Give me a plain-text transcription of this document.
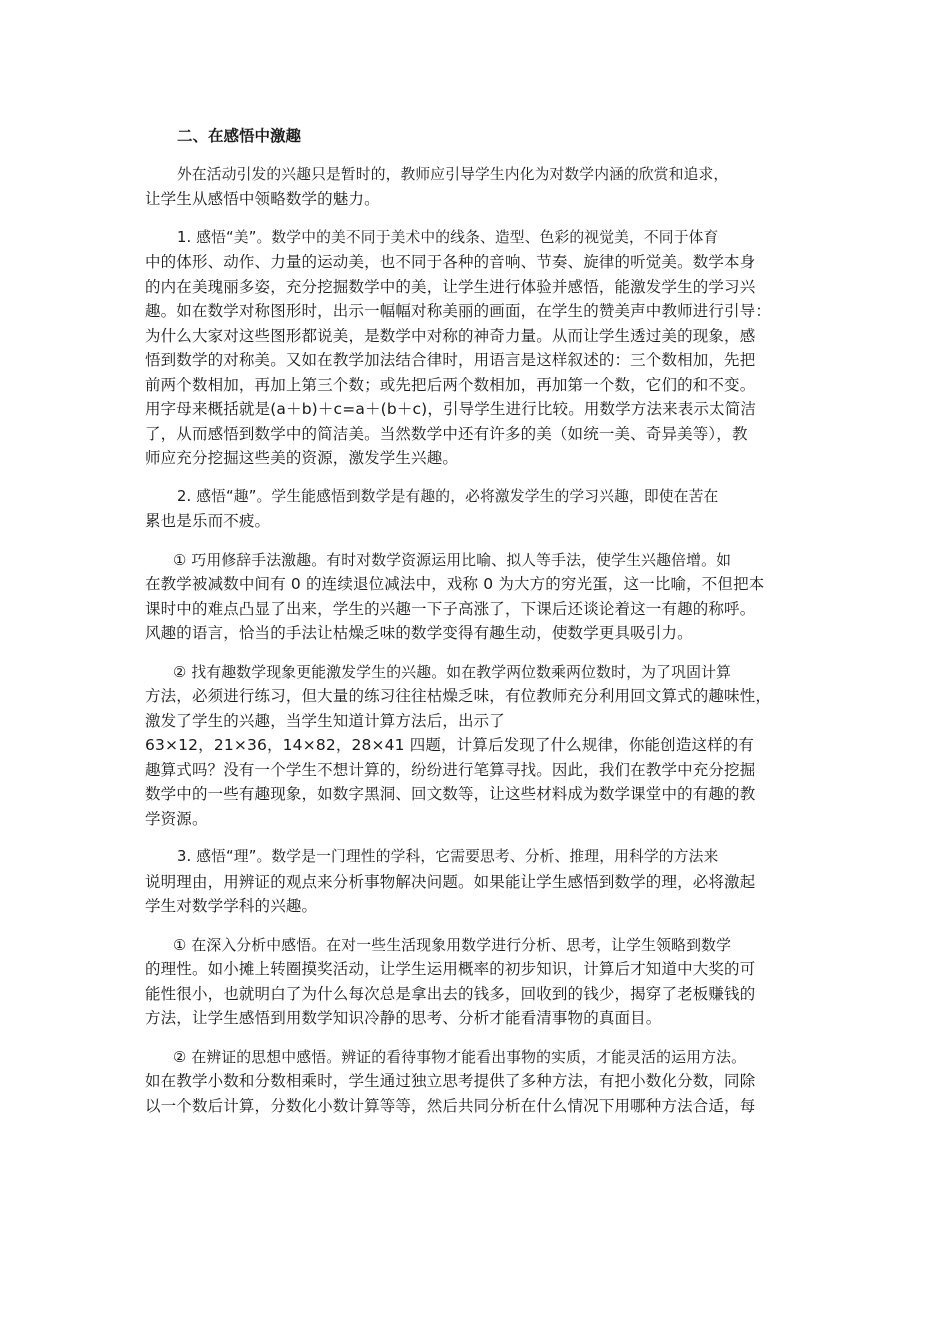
二、在感悟中激趣
外在活动引发的兴趣只是暂时的，教师应引导学生内化为对数学内涵的欣赏和追求，
让学生从感悟中领略数学的魅力。
1. 感悟“美”。数学中的美不同于美术中的线条、造型、色彩的视觉美，不同于体育
中的体形、动作、力量的运动美，也不同于各种的音响、节奏、旋律的听觉美。数学本身
的内在美瑰丽多姿，充分挖掘数学中的美，让学生进行体验并感悟，能激发学生的学习兴
趣。如在数学对称图形时，出示一幅幅对称美丽的画面，在学生的赞美声中教师进行引导：
为什么大家对这些图形都说美，是数学中对称的神奇力量。从而让学生透过美的现象，感
悟到数学的对称美。又如在教学加法结合律时，用语言是这样叙述的：三个数相加，先把
前两个数相加，再加上第三个数；或先把后两个数相加，再加第一个数，它们的和不变。
用字母来概括就是(a＋b)＋c=a＋(b＋c)，引导学生进行比较。用数学方法来表示太简洁
了，从而感悟到数学中的简洁美。当然数学中还有许多的美（如统一美、奇异美等），教
师应充分挖掘这些美的资源，激发学生兴趣。
2. 感悟“趣”。学生能感悟到数学是有趣的，必将激发学生的学习兴趣，即使在苦在
累也是乐而不疲。
① 巧用修辞手法激趣。有时对数学资源运用比喻、拟人等手法，使学生兴趣倍增。如
在教学被减数中间有 0 的连续退位减法中，戏称 0 为大方的穷光蛋，这一比喻，不但把本
课时中的难点凸显了出来，学生的兴趣一下子高涨了，下课后还谈论着这一有趣的称呼。
风趣的语言，恰当的手法让枯燥乏味的数学变得有趣生动，使数学更具吸引力。
② 找有趣数学现象更能激发学生的兴趣。如在教学两位数乘两位数时，为了巩固计算
方法，必须进行练习，但大量的练习往往枯燥乏味，有位教师充分利用回文算式的趣味性，
激发了学生的兴趣，当学生知道计算方法后，出示了
63×12，21×36，14×82，28×41 四题，计算后发现了什么规律，你能创造这样的有
趣算式吗？没有一个学生不想计算的，纷纷进行笔算寻找。因此，我们在教学中充分挖掘
数学中的一些有趣现象，如数字黑洞、回文数等，让这些材料成为数学课堂中的有趣的教
学资源。
3. 感悟“理”。数学是一门理性的学科，它需要思考、分析、推理，用科学的方法来
说明理由，用辨证的观点来分析事物解决问题。如果能让学生感悟到数学的理，必将激起
学生对数学学科的兴趣。
① 在深入分析中感悟。在对一些生活现象用数学进行分析、思考，让学生领略到数学
的理性。如小摊上转圈摸奖活动，让学生运用概率的初步知识，计算后才知道中大奖的可
能性很小，也就明白了为什么每次总是拿出去的钱多，回收到的钱少，揭穿了老板赚钱的
方法，让学生感悟到用数学知识冷静的思考、分析才能看清事物的真面目。
② 在辨证的思想中感悟。辨证的看待事物才能看出事物的实质，才能灵活的运用方法。
如在教学小数和分数相乘时，学生通过独立思考提供了多种方法，有把小数化分数，同除
以一个数后计算，分数化小数计算等等，然后共同分析在什么情况下用哪种方法合适，每
